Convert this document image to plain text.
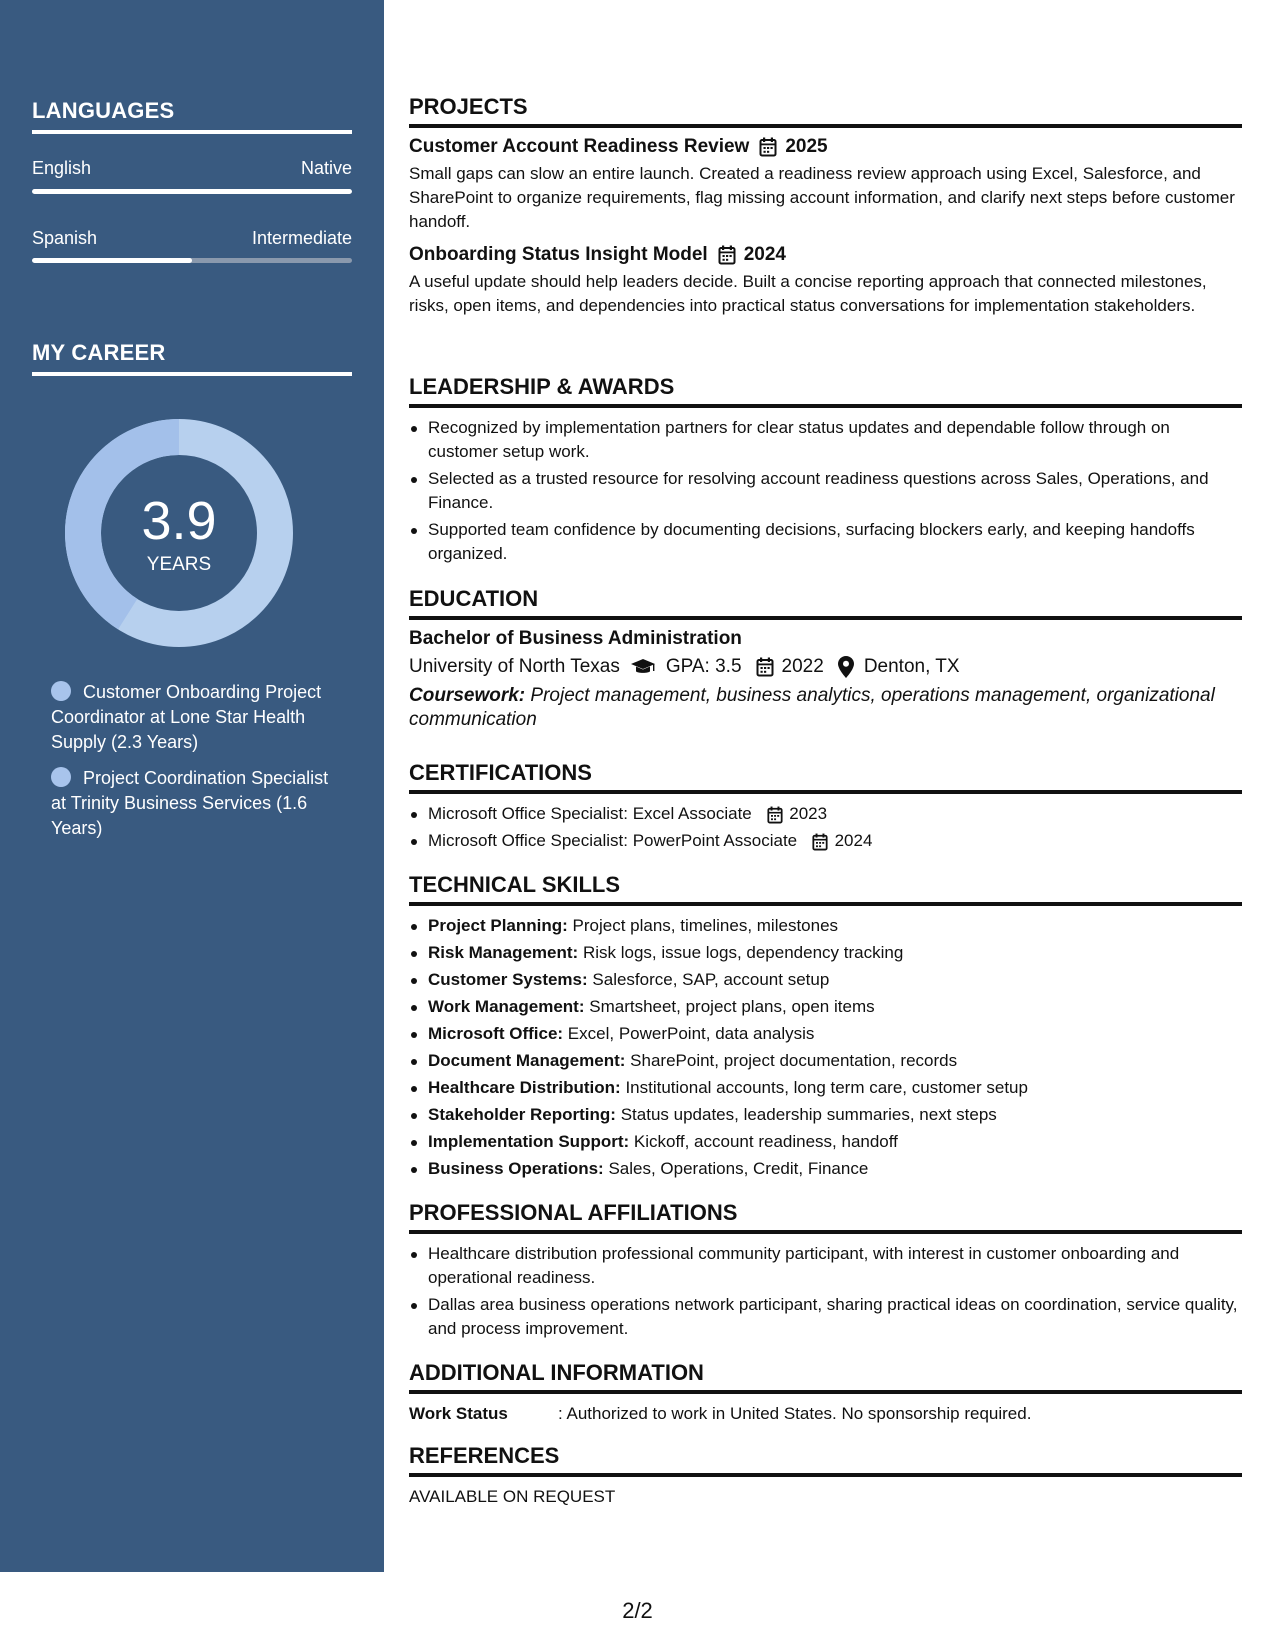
LANGUAGES
English	Native
Spanish	Intermediate
MY CAREER
3.9
YEARS
Customer Onboarding Project Coordinator at Lone Star Health Supply (2.3 Years)
Project Coordination Specialist at Trinity Business Services (1.6 Years)
PROJECTS
Customer Account Readiness Review 2025
Small gaps can slow an entire launch. Created a readiness review approach using Excel, Salesforce, and SharePoint to organize requirements, flag missing account information, and clarify next steps before customer handoff.
Onboarding Status Insight Model 2024
A useful update should help leaders decide. Built a concise reporting approach that connected milestones, risks, open items, and dependencies into practical status conversations for implementation stakeholders.
LEADERSHIP & AWARDS
Recognized by implementation partners for clear status updates and dependable follow through on customer setup work.
Selected as a trusted resource for resolving account readiness questions across Sales, Operations, and Finance.
Supported team confidence by documenting decisions, surfacing blockers early, and keeping handoffs organized.
EDUCATION
Bachelor of Business Administration
University of North Texas GPA: 3.5 2022 Denton, TX
Coursework: Project management, business analytics, operations management, organizational communication
CERTIFICATIONS
Microsoft Office Specialist: Excel Associate 2023
Microsoft Office Specialist: PowerPoint Associate 2024
TECHNICAL SKILLS
Project Planning: Project plans, timelines, milestones
Risk Management: Risk logs, issue logs, dependency tracking
Customer Systems: Salesforce, SAP, account setup
Work Management: Smartsheet, project plans, open items
Microsoft Office: Excel, PowerPoint, data analysis
Document Management: SharePoint, project documentation, records
Healthcare Distribution: Institutional accounts, long term care, customer setup
Stakeholder Reporting: Status updates, leadership summaries, next steps
Implementation Support: Kickoff, account readiness, handoff
Business Operations: Sales, Operations, Credit, Finance
PROFESSIONAL AFFILIATIONS
Healthcare distribution professional community participant, with interest in customer onboarding and operational readiness.
Dallas area business operations network participant, sharing practical ideas on coordination, service quality, and process improvement.
ADDITIONAL INFORMATION
Work Status	: Authorized to work in United States. No sponsorship required.
REFERENCES
AVAILABLE ON REQUEST
2/2
